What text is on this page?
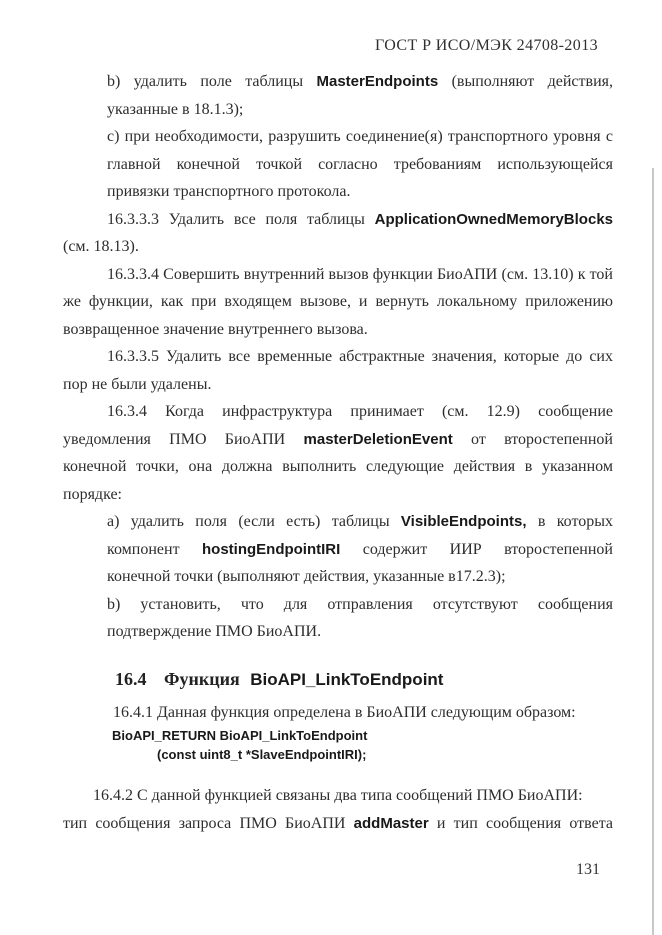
ГОСТ Р ИСО/МЭК 24708-2013
b) удалить поле таблицы MasterEndpoints (выполняют действия,
указанные в 18.1.3);
c) при необходимости, разрушить соединение(я) транспортного уровня с
главной конечной точкой согласно требованиям использующейся
привязки транспортного протокола.
16.3.3.3 Удалить все поля таблицы ApplicationOwnedMemoryBlocks
(см. 18.13).
16.3.3.4 Совершить внутренний вызов функции БиоАПИ (см. 13.10) к той
же функции, как при входящем вызове, и вернуть локальному приложению
возвращенное значение внутреннего вызова.
16.3.3.5 Удалить все временные абстрактные значения, которые до сих
пор не были удалены.
16.3.4 Когда инфраструктура принимает (см. 12.9) сообщение
уведомления ПМО БиоАПИ masterDeletionEvent от второстепенной
конечной точки, она должна выполнить следующие действия в указанном
порядке:
a) удалить поля (если есть) таблицы VisibleEndpoints, в которых
компонент hostingEndpointIRI содержит ИИР второстепенной
конечной точки (выполняют действия, указанные в17.2.3);
b) установить, что для отправления отсутствуют сообщения
подтверждение ПМО БиоАПИ.
16.4 Функция BioAPI_LinkToEndpoint

16.4.1 Данная функция определена в БиоАПИ следующим образом:

BioAPI_RETURN BioAPI_LinkToEndpoint
(const uint8_t *SlaveEndpointIRI);
16.4.2 С данной функцией связаны два типа сообщений ПМО БиоАПИ:
тип сообщения запроса ПМО БиоАПИ addMaster и тип сообщения ответа
131
